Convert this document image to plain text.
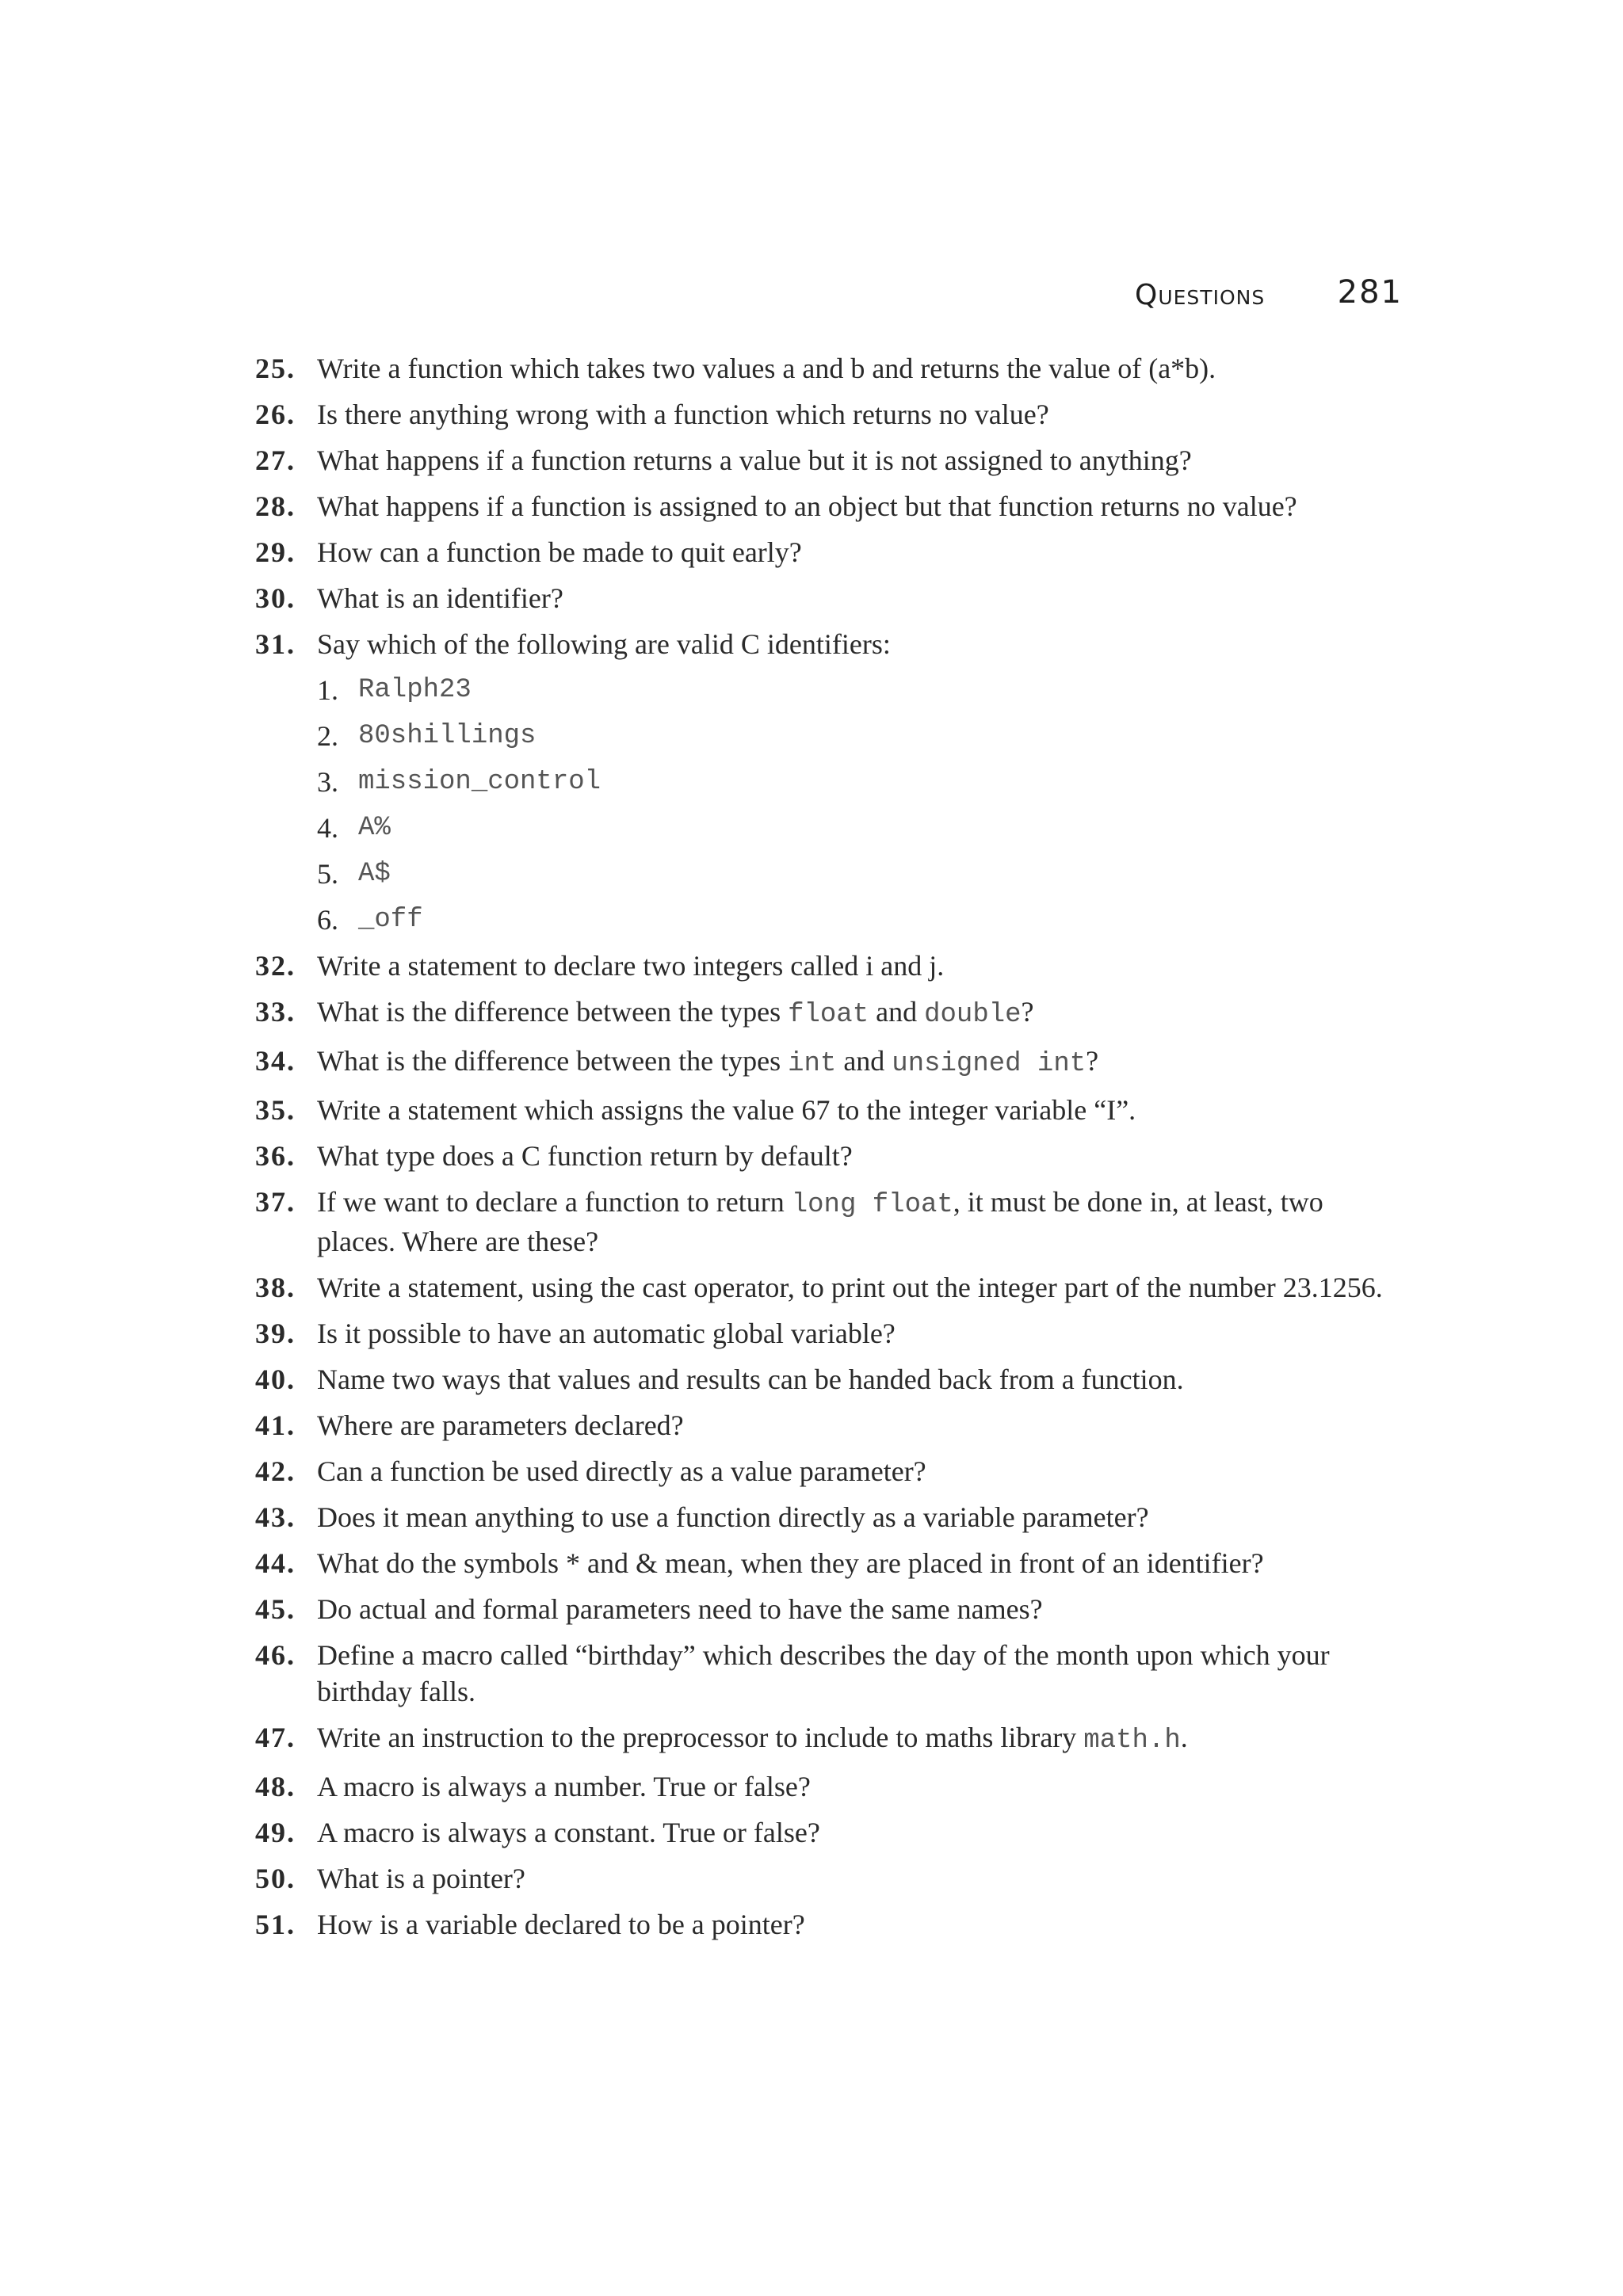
Questions 281
25. Write a function which takes two values a and b and returns the value of (a*b).
26. Is there anything wrong with a function which returns no value?
27. What happens if a function returns a value but it is not assigned to anything?
28. What happens if a function is assigned to an object but that function returns no value?
29. How can a function be made to quit early?
30. What is an identifier?
31. Say which of the following are valid C identifiers:
1. Ralph23
2. 80shillings
3. mission_control
4. A%
5. A$
6. _off
32. Write a statement to declare two integers called i and j.
33. What is the difference between the types float and double?
34. What is the difference between the types int and unsigned int?
35. Write a statement which assigns the value 67 to the integer variable “I”.
36. What type does a C function return by default?
37. If we want to declare a function to return long float, it must be done in, at least, two places. Where are these?
38. Write a statement, using the cast operator, to print out the integer part of the number 23.1256.
39. Is it possible to have an automatic global variable?
40. Name two ways that values and results can be handed back from a function.
41. Where are parameters declared?
42. Can a function be used directly as a value parameter?
43. Does it mean anything to use a function directly as a variable parameter?
44. What do the symbols * and & mean, when they are placed in front of an identifier?
45. Do actual and formal parameters need to have the same names?
46. Define a macro called “birthday” which describes the day of the month upon which your birthday falls.
47. Write an instruction to the preprocessor to include to maths library math.h.
48. A macro is always a number. True or false?
49. A macro is always a constant. True or false?
50. What is a pointer?
51. How is a variable declared to be a pointer?
